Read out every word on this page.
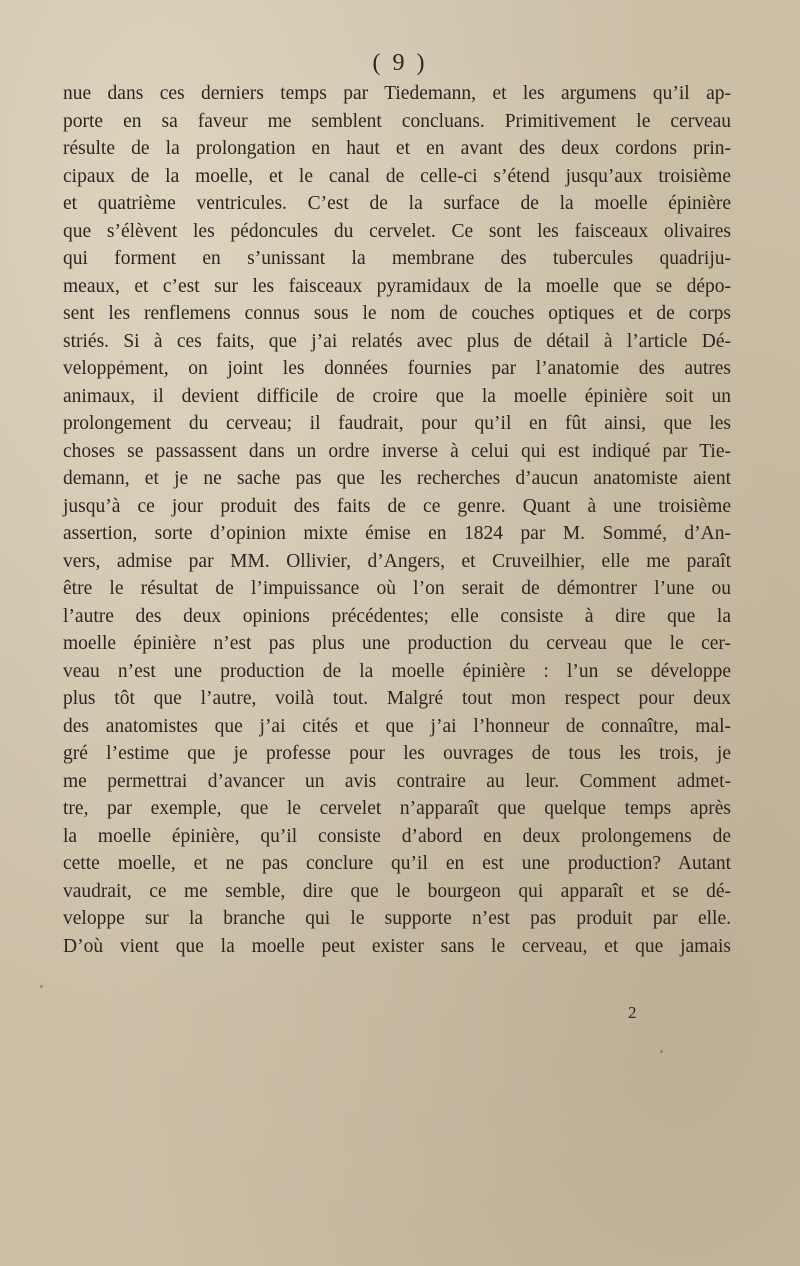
( 9 )
nue dans ces derniers temps par Tiedemann, et les argumens qu’il ap-
porte en sa faveur me semblent concluans. Primitivement le cerveau
résulte de la prolongation en haut et en avant des deux cordons prin-
cipaux de la moelle, et le canal de celle-ci s’étend jusqu’aux troisième
et quatrième ventricules. C’est de la surface de la moelle épinière
que s’élèvent les pédoncules du cervelet. Ce sont les faisceaux olivaires
qui forment en s’unissant la membrane des tubercules quadriju-
meaux, et c’est sur les faisceaux pyramidaux de la moelle que se dépo-
sent les renflemens connus sous le nom de couches optiques et de corps
striés. Si à ces faits, que j’ai relatés avec plus de détail à l’article Dé-
veloppement, on joint les données fournies par l’anatomie des autres
animaux, il devient difficile de croire que la moelle épinière soit un
prolongement du cerveau; il faudrait, pour qu’il en fût ainsi, que les
choses se passassent dans un ordre inverse à celui qui est indiqué par Tie-
demann, et je ne sache pas que les recherches d’aucun anatomiste aient
jusqu’à ce jour produit des faits de ce genre. Quant à une troisième
assertion, sorte d’opinion mixte émise en 1824 par M. Sommé, d’An-
vers, admise par MM. Ollivier, d’Angers, et Cruveilhier, elle me paraît
être le résultat de l’impuissance où l’on serait de démontrer l’une ou
l’autre des deux opinions précédentes; elle consiste à dire que la
moelle épinière n’est pas plus une production du cerveau que le cer-
veau n’est une production de la moelle épinière : l’un se développe
plus tôt que l’autre, voilà tout. Malgré tout mon respect pour deux
des anatomistes que j’ai cités et que j’ai l’honneur de connaître, mal-
gré l’estime que je professe pour les ouvrages de tous les trois, je
me permettrai d’avancer un avis contraire au leur. Comment admet-
tre, par exemple, que le cervelet n’apparaît que quelque temps après
la moelle épinière, qu’il consiste d’abord en deux prolongemens de
cette moelle, et ne pas conclure qu’il en est une production? Autant
vaudrait, ce me semble, dire que le bourgeon qui apparaît et se dé-
veloppe sur la branche qui le supporte n’est pas produit par elle.
D’où vient que la moelle peut exister sans le cerveau, et que jamais
2
